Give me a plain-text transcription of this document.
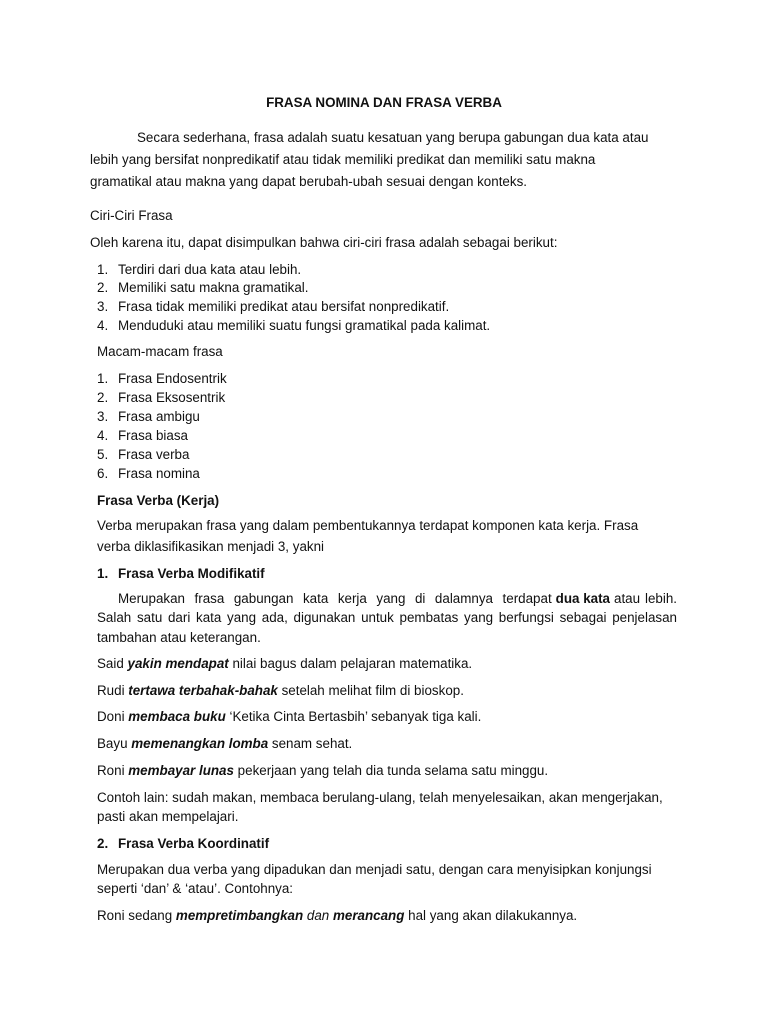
FRASA NOMINA DAN FRASA VERBA
Secara sederhana, frasa adalah suatu kesatuan yang berupa gabungan dua kata atau
lebih yang bersifat nonpredikatif atau tidak memiliki predikat dan memiliki satu makna
gramatikal atau makna yang dapat berubah-ubah sesuai dengan konteks.
Ciri-Ciri Frasa
Oleh karena itu, dapat disimpulkan bahwa ciri-ciri frasa adalah sebagai berikut:
1. Terdiri dari dua kata atau lebih.
2. Memiliki satu makna gramatikal.
3. Frasa tidak memiliki predikat atau bersifat nonpredikatif.
4. Menduduki atau memiliki suatu fungsi gramatikal pada kalimat.
Macam-macam frasa
1. Frasa Endosentrik
2. Frasa Eksosentrik
3. Frasa ambigu
4. Frasa biasa
5. Frasa verba
6. Frasa nomina
Frasa Verba (Kerja)
Verba merupakan frasa yang dalam pembentukannya terdapat komponen kata kerja. Frasa
verba diklasifikasikan menjadi 3, yakni
1. Frasa Verba Modifikatif
Merupakan frasa gabungan kata kerja yang di dalamnya terdapat dua kata atau lebih.
Salah satu dari kata yang ada, digunakan untuk pembatas yang berfungsi sebagai penjelasan
tambahan atau keterangan.
Said yakin mendapat nilai bagus dalam pelajaran matematika.
Rudi tertawa terbahak-bahak setelah melihat film di bioskop.
Doni membaca buku ‘Ketika Cinta Bertasbih’ sebanyak tiga kali.
Bayu memenangkan lomba senam sehat.
Roni membayar lunas pekerjaan yang telah dia tunda selama satu minggu.
Contoh lain: sudah makan, membaca berulang-ulang, telah menyelesaikan, akan mengerjakan,
pasti akan mempelajari.
2. Frasa Verba Koordinatif
Merupakan dua verba yang dipadukan dan menjadi satu, dengan cara menyisipkan konjungsi
seperti ‘dan’ & ‘atau’. Contohnya:
Roni sedang mempretimbangkan dan merancang hal yang akan dilakukannya.
